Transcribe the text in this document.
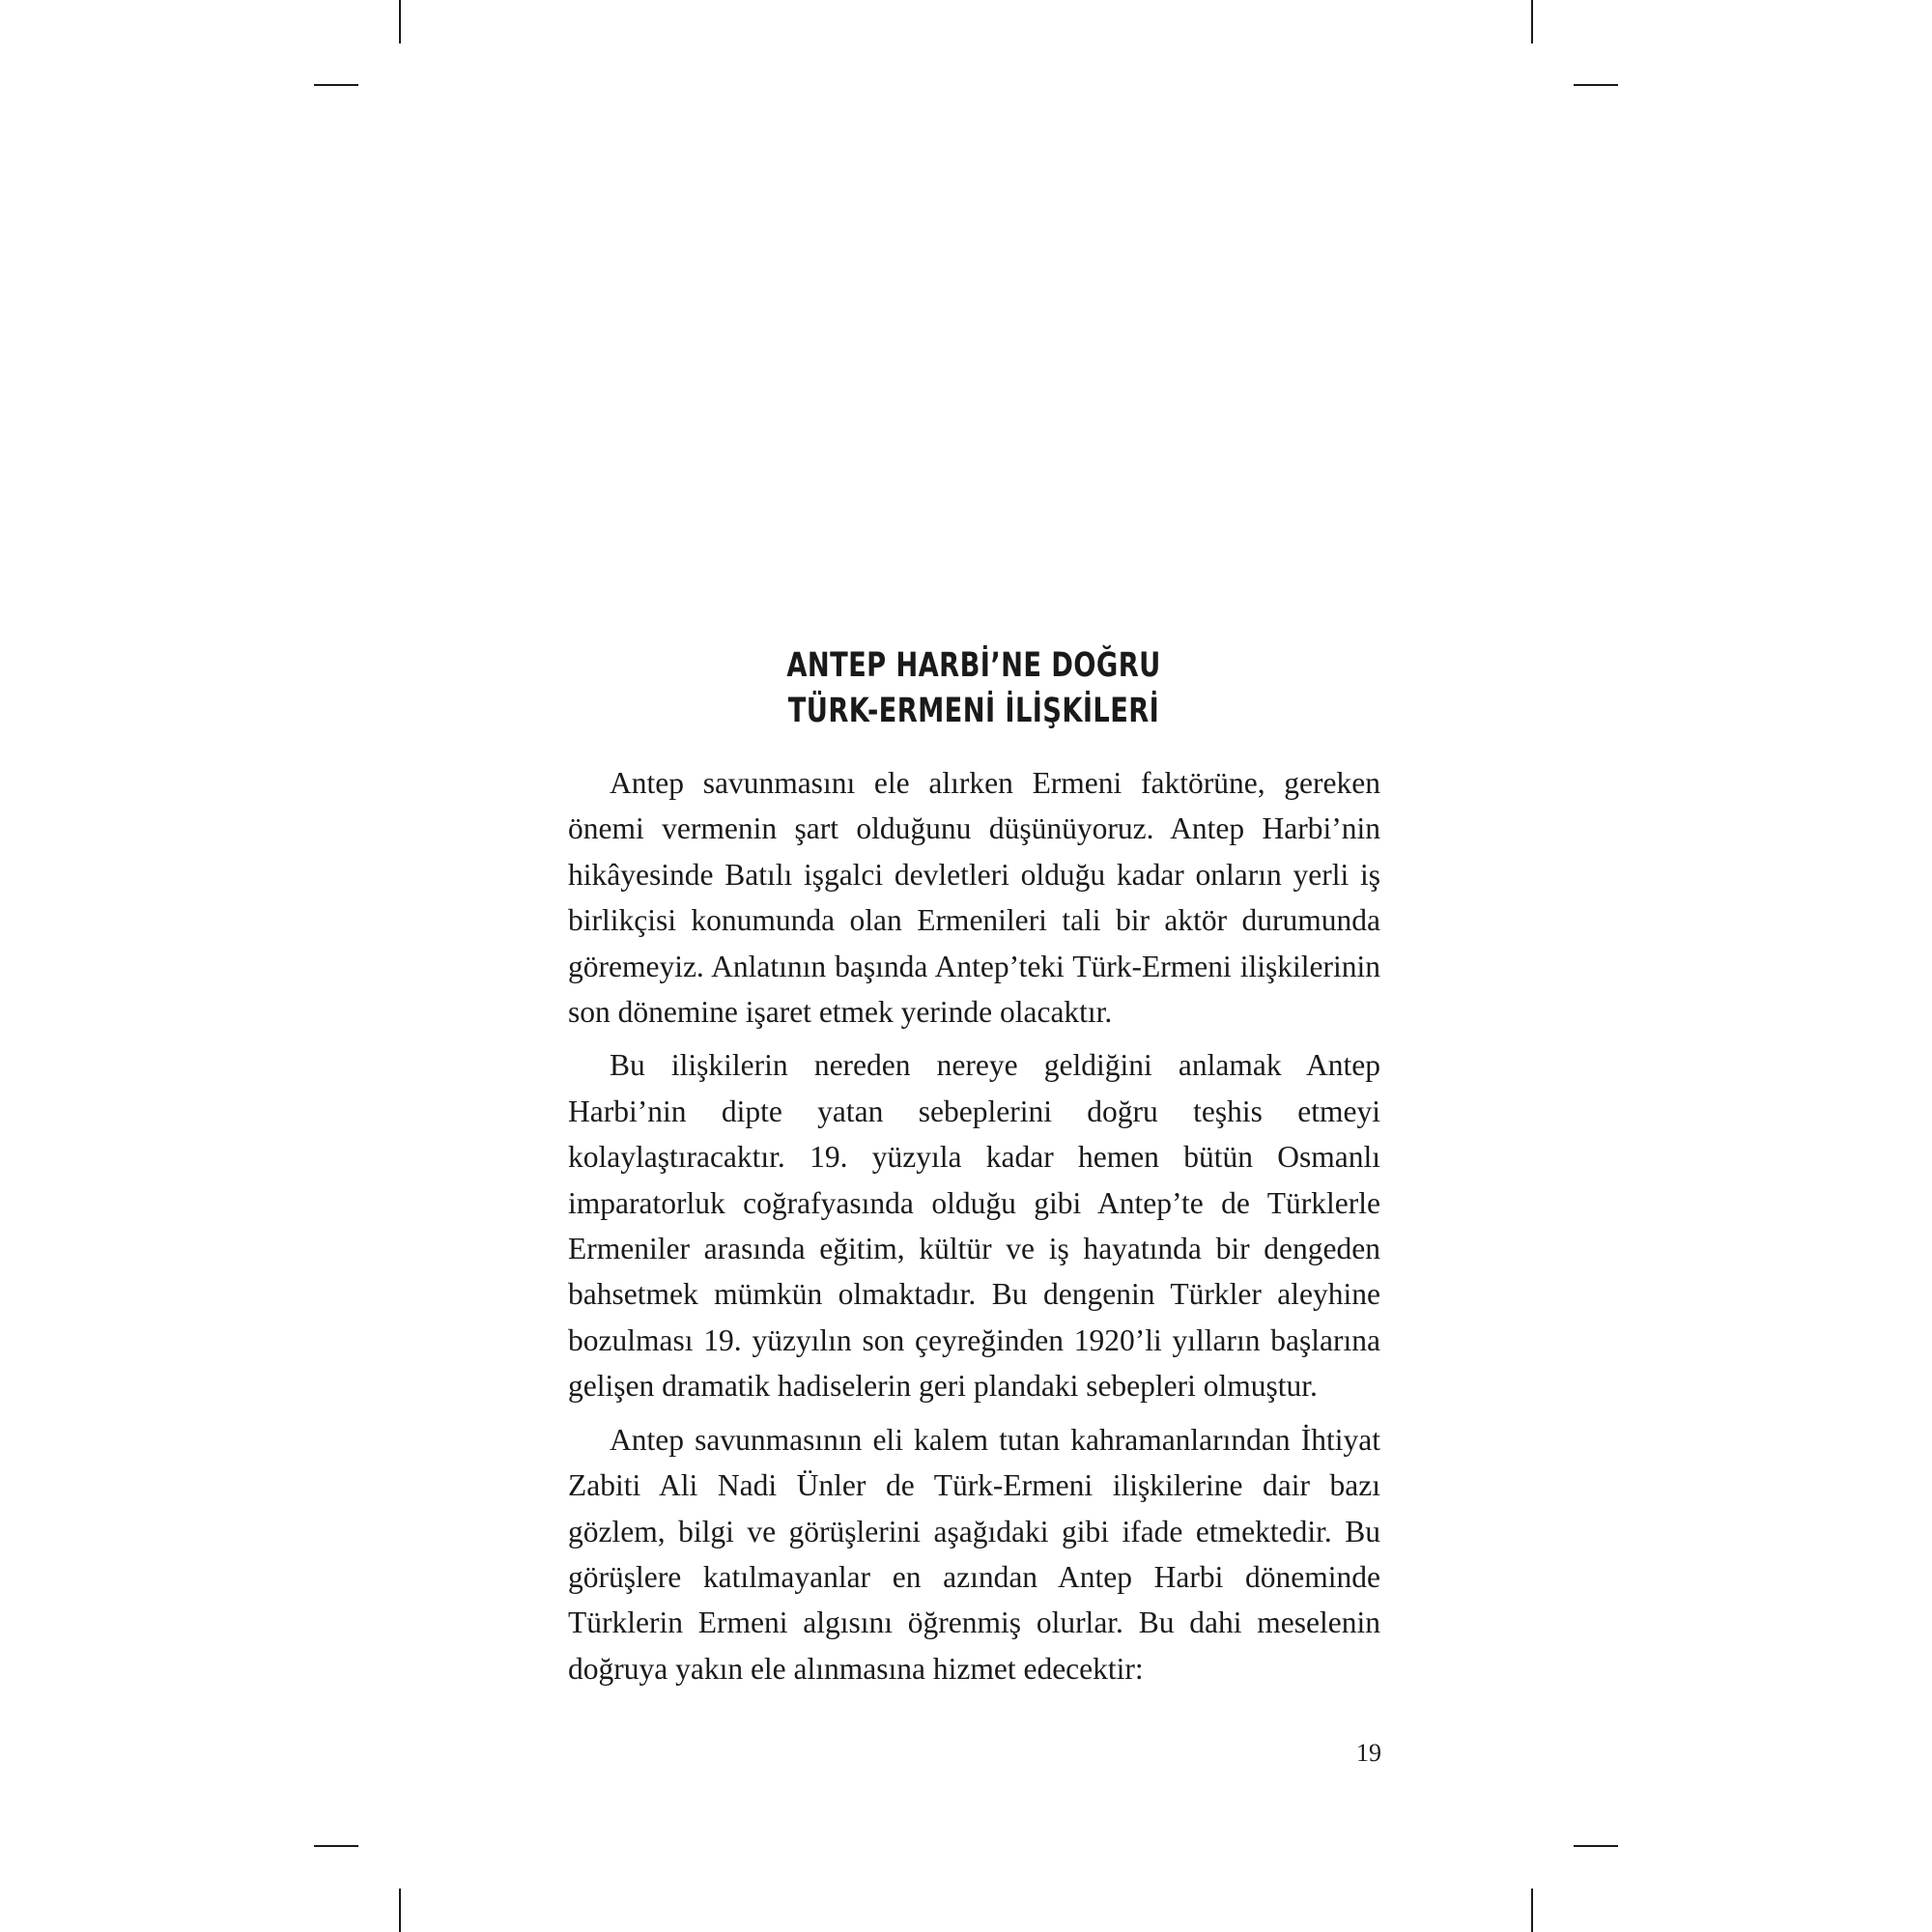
ANTEP HARBİ’NE DOĞRU
TÜRK-ERMENİ İLİŞKİLERİ

Antep savunmasını ele alırken Ermeni faktörüne, gereken önemi vermenin şart olduğunu düşünüyoruz. Antep Harbi’nin hikâyesinde Batılı işgalci devletleri olduğu kadar onların yerli iş birlikçisi konumunda olan Ermenileri tali bir aktör durumunda göremeyiz. Anlatının başında Antep’teki Türk-Ermeni ilişkilerinin son dönemine işaret etmek yerinde olacaktır.

Bu ilişkilerin nereden nereye geldiğini anlamak Antep Harbi’nin dipte yatan sebeplerini doğru teşhis etmeyi kolaylaştıracaktır. 19. yüzyıla kadar hemen bütün Osmanlı imparatorluk coğrafyasında olduğu gibi Antep’te de Türklerle Ermeniler arasında eğitim, kültür ve iş hayatında bir dengeden bahsetmek mümkün olmaktadır. Bu dengenin Türkler aleyhine bozulması 19. yüzyılın son çeyreğinden 1920’li yılların başlarına gelişen dramatik hadiselerin geri plandaki sebepleri olmuştur.

Antep savunmasının eli kalem tutan kahramanlarından İhtiyat Zabiti Ali Nadi Ünler de Türk-Ermeni ilişkilerine dair bazı gözlem, bilgi ve görüşlerini aşağıdaki gibi ifade etmektedir. Bu görüşlere katılmayanlar en azından Antep Harbi döneminde Türklerin Ermeni algısını öğrenmiş olurlar. Bu dahi meselenin doğruya yakın ele alınmasına hizmet edecektir:

19
